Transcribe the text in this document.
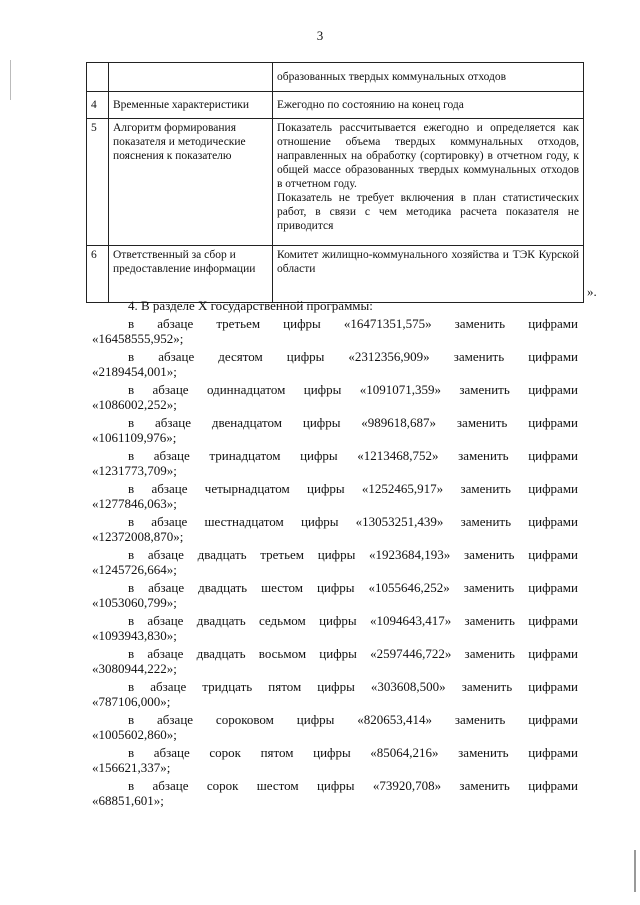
3

		образованных твердых коммунальных отходов

4	Временные характеристики	Ежегодно по состоянию на конец года

5	Алгоритм формирования показателя и методические пояснения к показателю	Показатель рассчитывается ежегодно и определяется как отношение объема твердых коммунальных отходов, направленных на обработку (сортировку) в отчетном году, к общей массе образованных твердых коммунальных отходов в отчетном году.
Показатель не требует включения в план статистических работ, в связи с чем методика расчета показателя не приводится

6	Ответственный за сбор и предоставление информации	Комитет жилищно-коммунального хозяйства и ТЭК Курской области
».

4. В разделе X государственной программы:

в абзаце третьем цифры «16471351,575» заменить цифрами
«16458555,952»;

в абзаце десятом цифры «2312356,909» заменить цифрами
«2189454,001»;

в абзаце одиннадцатом цифры «1091071,359» заменить цифрами
«1086002,252»;

в абзаце двенадцатом цифры «989618,687» заменить цифрами
«1061109,976»;

в абзаце тринадцатом цифры «1213468,752» заменить цифрами
«1231773,709»;

в абзаце четырнадцатом цифры «1252465,917» заменить цифрами
«1277846,063»;

в абзаце шестнадцатом цифры «13053251,439» заменить цифрами
«12372008,870»;

в абзаце двадцать третьем цифры «1923684,193» заменить цифрами
«1245726,664»;

в абзаце двадцать шестом цифры «1055646,252» заменить цифрами
«1053060,799»;

в абзаце двадцать седьмом цифры «1094643,417» заменить цифрами
«1093943,830»;

в абзаце двадцать восьмом цифры «2597446,722» заменить цифрами
«3080944,222»;

в абзаце тридцать пятом цифры «303608,500» заменить цифрами
«787106,000»;

в абзаце сороковом цифры «820653,414» заменить цифрами
«1005602,860»;

в абзаце сорок пятом цифры «85064,216» заменить цифрами
«156621,337»;

в абзаце сорок шестом цифры «73920,708» заменить цифрами
«68851,601»;
